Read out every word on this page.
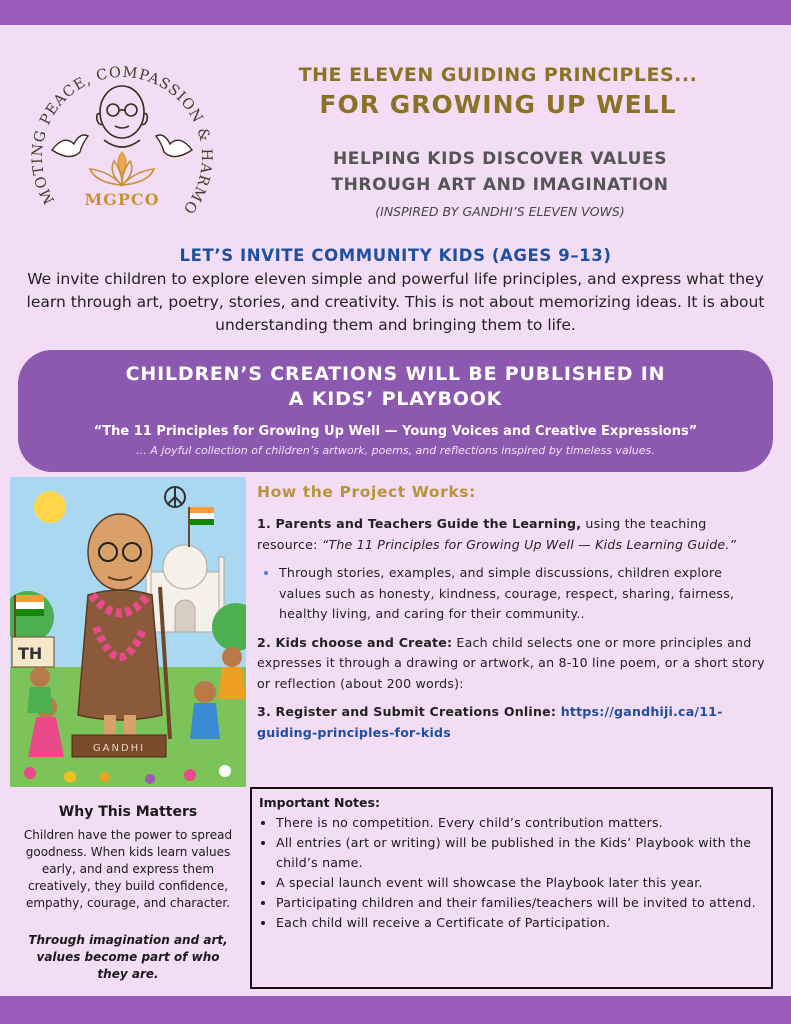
MOTING PEACE, COMPASSION & HARMO
MGPCO
THE ELEVEN GUIDING PRINCIPLES...
FOR GROWING UP WELL
HELPING KIDS DISCOVER VALUES
THROUGH ART AND IMAGINATION
(INSPIRED BY GANDHI’S ELEVEN VOWS)
LET’S INVITE COMMUNITY KIDS (AGES 9–13)
We invite children to explore eleven simple and powerful life principles, and express what they learn through art, poetry, stories, and creativity. This is not about memorizing ideas. It is about understanding them and bringing them to life.
CHILDREN’S CREATIONS WILL BE PUBLISHED IN
A KIDS’ PLAYBOOK
“The 11 Principles for Growing Up Well — Young Voices and Creative Expressions”
... A joyful collection of children’s artwork, poems, and reflections inspired by timeless values.
TH
GANDHI
How the Project Works:

1. Parents and Teachers Guide the Learning, using the teaching resource: “The 11 Principles for Growing Up Well — Kids Learning Guide.”

• Through stories, examples, and simple discussions, children explore values such as honesty, kindness, courage, respect, sharing, fairness, healthy living, and caring for their community..

2. Kids choose and Create: Each child selects one or more principles and expresses it through a drawing or artwork, an 8-10 line poem, or a short story or reflection (about 200 words):

3. Register and Submit Creations Online: https://gandhiji.ca/11-guiding-principles-for-kids

Why This Matters
Children have the power to spread goodness. When kids learn values early, and and express them creatively, they build confidence, empathy, courage, and character.
Through imagination and art, values become part of who they are.
Important Notes:
• There is no competition. Every child’s contribution matters.
• All entries (art or writing) will be published in the Kids’ Playbook with the child’s name.
• A special launch event will showcase the Playbook later this year.
• Participating children and their families/teachers will be invited to attend.
• Each child will receive a Certificate of Participation.
